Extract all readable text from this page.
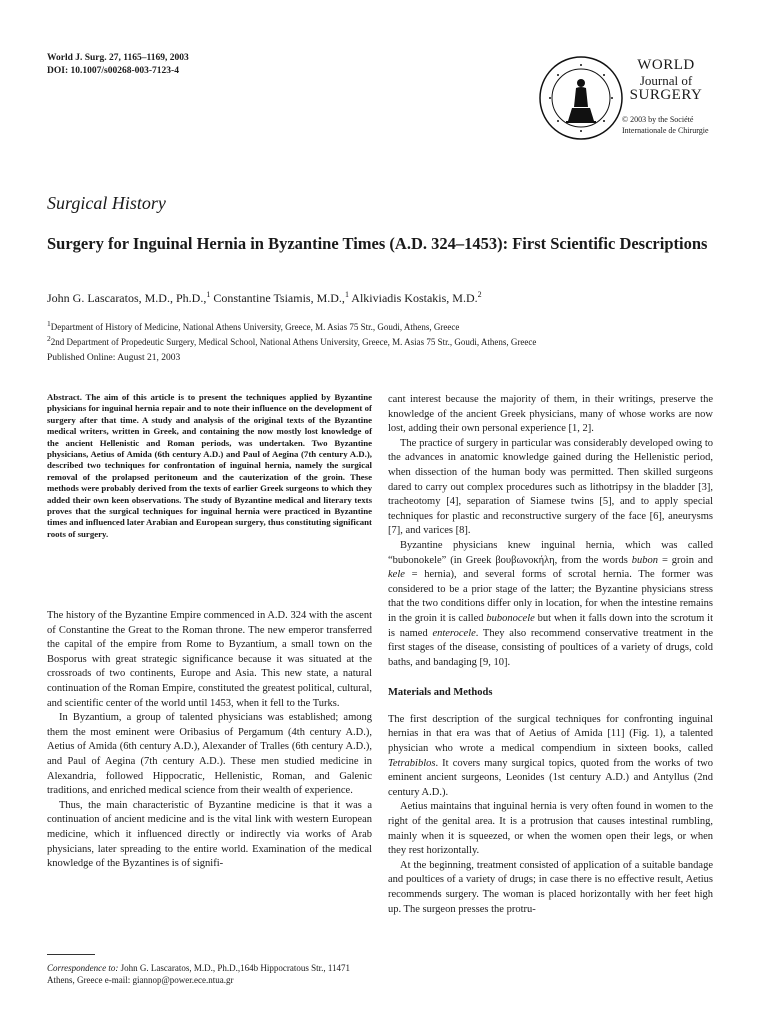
World J. Surg. 27, 1165–1169, 2003
DOI: 10.1007/s00268-003-7123-4	WORLD
Journal of
SURGERY
© 2003 by the Société
Internationale de Chirurgie
Surgical History
Surgery for Inguinal Hernia in Byzantine Times (A.D. 324–1453): First Scientific Descriptions
John G. Lascaratos, M.D., Ph.D.,$^1$ Constantine Tsiamis, M.D.,$^1$ Alkiviadis Kostakis, M.D.$^2$
$^1$Department of History of Medicine, National Athens University, Greece, M. Asias 75 Str., Goudi, Athens, Greece
$^2$2nd Department of Propedeutic Surgery, Medical School, National Athens University, Greece, M. Asias 75 Str., Goudi, Athens, Greece
Published Online: August 21, 2003
Abstract. The aim of this article is to present the techniques applied by Byzantine physicians for inguinal hernia repair and to note their influence on the development of surgery after that time. A study and analysis of the original texts of the Byzantine medical writers, written in Greek, and containing the now mostly lost knowledge of the ancient Hellenistic and Roman periods, was undertaken. Two Byzantine physicians, Aetius of Amida (6th century A.D.) and Paul of Aegina (7th century A.D.), described two techniques for confrontation of inguinal hernia, namely the surgical removal of the prolapsed peritoneum and the cauterization of the groin. These methods were probably derived from the texts of earlier Greek surgeons to which they added their own keen observations. The study of Byzantine medical and literary texts proves that the surgical techniques for inguinal hernia were practiced in Byzantine times and influenced later Arabian and European surgery, thus constituting significant roots of surgery.

The history of the Byzantine Empire commenced in A.D. 324 with the ascent of Constantine the Great to the Roman throne. The new emperor transferred the capital of the empire from Rome to Byzantium, a small town on the Bosporus with great strategic significance because it was situated at the crossroads of two continents, Europe and Asia. This new state, a natural continuation of the Roman Empire, constituted the greatest political, cultural, and scientific center of the world until 1453, when it fell to the Turks.

In Byzantium, a group of talented physicians was established; among them the most eminent were Oribasius of Pergamum (4th century A.D.), Aetius of Amida (6th century A.D.), Alexander of Tralles (6th century A.D.), and Paul of Aegina (7th century A.D.). These men studied medicine in Alexandria, followed Hippocratic, Hellenistic, Roman, and Galenic traditions, and enriched medical science from their wealth of experience.

Thus, the main characteristic of Byzantine medicine is that it was a continuation of ancient medicine and is the vital link with western European medicine, which it influenced directly or indirectly via works of Arab physicians, later spreading to the entire world. Examination of the medical knowledge of the Byzantines is of signifi-

Correspondence to: John G. Lascaratos, M.D., Ph.D.,164b Hippocratous Str., 11471 Athens, Greece e-mail: giannop@power.ece.ntua.gr

cant interest because the majority of them, in their writings, preserve the knowledge of the ancient Greek physicians, many of whose works are now lost, adding their own personal experience [1, 2].

The practice of surgery in particular was considerably developed owing to the advances in anatomic knowledge gained during the Hellenistic period, when dissection of the human body was permitted. Then skilled surgeons dared to carry out complex procedures such as lithotripsy in the bladder [3], tracheotomy [4], separation of Siamese twins [5], and to apply special techniques for plastic and reconstructive surgery of the face [6], aneurysms [7], and varices [8].

Byzantine physicians knew inguinal hernia, which was called “bubonokele” (in Greek βουβωνοκήλη, from the words bubon = groin and kele = hernia), and several forms of scrotal hernia. The former was considered to be a prior stage of the latter; the Byzantine physicians stress that the two conditions differ only in location, for when the intestine remains in the groin it is called bubonocele but when it falls down into the scrotum it is named enterocele. They also recommend conservative treatment in the first stages of the disease, consisting of poultices of a variety of drugs, cold baths, and bandaging [9, 10].

Materials and Methods

The first description of the surgical techniques for confronting inguinal hernias in that era was that of Aetius of Amida [11] (Fig. 1), a talented physician who wrote a medical compendium in sixteen books, called Tetrabiblos. It covers many surgical topics, quoted from the works of two eminent ancient surgeons, Leonides (1st century A.D.) and Antyllus (2nd century A.D.).

Aetius maintains that inguinal hernia is very often found in women to the right of the genital area. It is a protrusion that causes intestinal rumbling, mainly when it is squeezed, or when the women open their legs, or when they rest horizontally.

At the beginning, treatment consisted of application of a suitable bandage and poultices of a variety of drugs; in case there is no effective result, Aetius recommends surgery. The woman is placed horizontally with her feet high up. The surgeon presses the protru-
